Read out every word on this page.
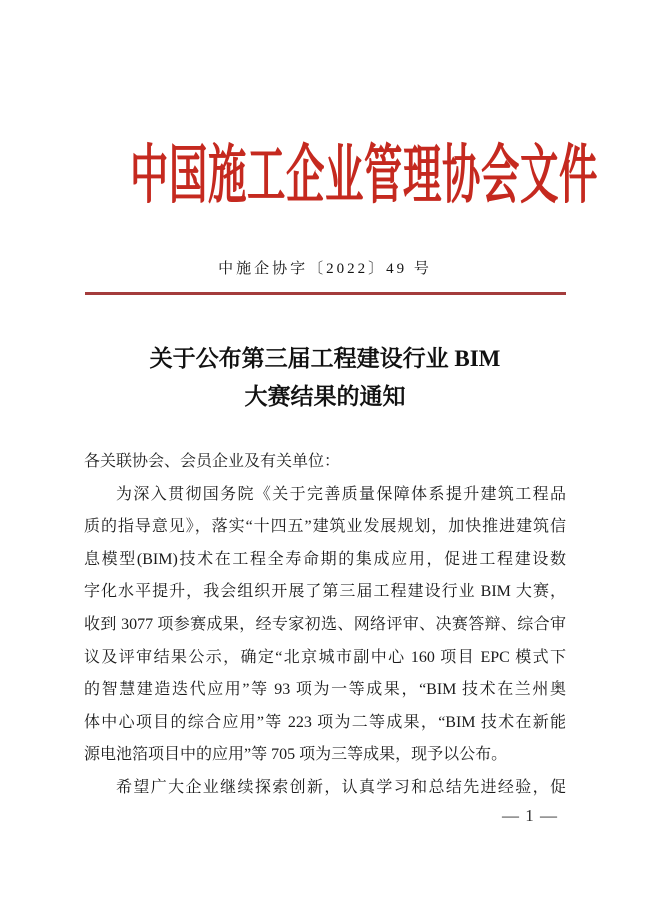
中国施工企业管理协会文件
中施企协字〔2022〕49 号
关于公布第三届工程建设行业 BIM
大赛结果的通知
各关联协会、会员企业及有关单位：
为深入贯彻国务院《关于完善质量保障体系提升建筑工程品
质的指导意见》，落实“十四五”建筑业发展规划，加快推进建筑信
息模型(BIM)技术在工程全寿命期的集成应用，促进工程建设数
字化水平提升，我会组织开展了第三届工程建设行业 BIM 大赛，
收到 3077 项参赛成果，经专家初选、网络评审、决赛答辩、综合审
议及评审结果公示，确定“北京城市副中心 160 项目 EPC 模式下
的智慧建造迭代应用”等 93 项为一等成果，“BIM 技术在兰州奥
体中心项目的综合应用”等 223 项为二等成果，“BIM 技术在新能
源电池箔项目中的应用”等 705 项为三等成果，现予以公布。
希望广大企业继续探索创新，认真学习和总结先进经验，促
— 1 —
